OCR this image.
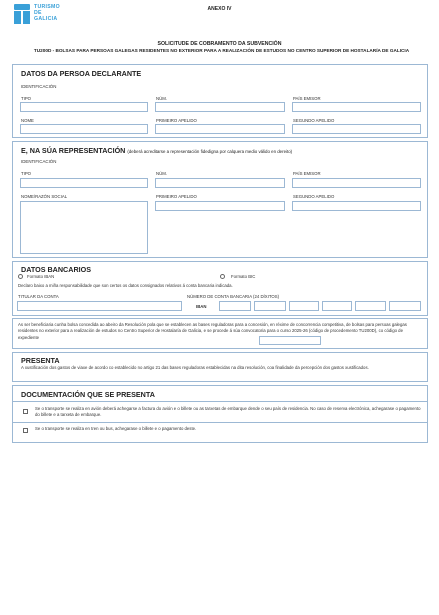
TURISMO
DE
GALICIA
ANEXO IV
SOLICITUDE DE COBRAMENTO DA SUBVENCIÓN
TU200D - BOLSAS PARA PERSOAS GALEGAS RESIDENTES NO EXTERIOR PARA A REALIZACIÓN DE ESTUDOS NO CENTRO SUPERIOR DE HOSTALARÍA DE GALICIA
DATOS DA PERSOA DECLARANTE
IDENTIFICACIÓN
TIPO	NÚM.	PAÍS EMISOR
NOME	PRIMEIRO APELIDO	SEGUNDO APELIDO
E, NA SÚA REPRESENTACIÓN (deberá acreditarse a representación fidedigna por calquera medio válido en dereito)
IDENTIFICACIÓN
TIPO	NÚM.	PAÍS EMISOR
NOME/RAZÓN SOCIAL	PRIMEIRO APELIDO	SEGUNDO APELIDO
DATOS BANCARIOS
Formato IBAN	Formato BIC
Declaro baixo a miña responsabilidade que son certos os datos consignados relativos á conta bancaria indicada.
TITULAR DA CONTA	NÚMERO DE CONTA BANCARIA (24 DÍXITOS)
IBAN
As ser beneficiaria cunha bolsa concedida ao abeiro da Resolución pola que se establecen as bases reguladoras para a concesión, en réxime de concorrencia competitiva, de bolsas para persoas galegas residentes no exterior para a realización de estudos no Centro Superior de Hostalaría de Galicia, e se procede á súa convocatoria para o curso 2025-26 (código de procedemento TU200D), co código de expediente
PRESENTA
A xustificación dos gastos de viaxe de acordo co establecido no artigo 21 das bases reguladoras establecidas na dita resolución, coa finalidade da percepción dos gastos xustificados.
DOCUMENTACIÓN QUE SE PRESENTA
Se o transporte se realiza en avión deberá achegarse a factura do avión e o billete ou as tarxetas de embarque dende o seu país de residencia. No caso de reserva electrónica, achegarase o pagamento do billete e a tarxeta de embarque.
Se o transporte se realiza en tren ou bus, achegarase o billete e o pagamento deste.
